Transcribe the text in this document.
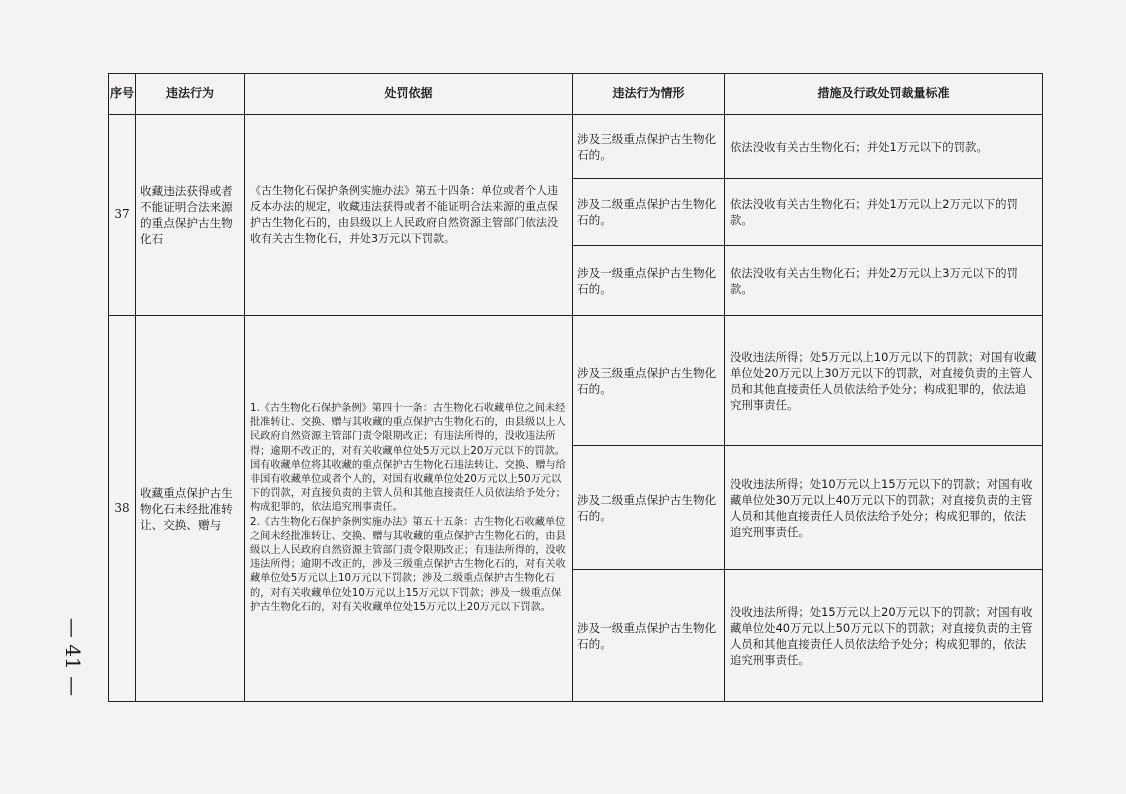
— 41 —
序号	违法行为	处罚依据	违法行为情形	措施及行政处罚裁量标准
37	收藏违法获得或者不能证明合法来源的重点保护古生物化石	《古生物化石保护条例实施办法》第五十四条：单位或者个人违反本办法的规定，收藏违法获得或者不能证明合法来源的重点保护古生物化石的，由县级以上人民政府自然资源主管部门依法没收有关古生物化石，并处3万元以下罚款。	涉及三级重点保护古生物化石的。	依法没收有关古生物化石；并处1万元以下的罚款。
			涉及二级重点保护古生物化石的。	依法没收有关古生物化石；并处1万元以上2万元以下的罚款。
			涉及一级重点保护古生物化石的。	依法没收有关古生物化石；并处2万元以上3万元以下的罚款。
38	收藏重点保护古生物化石未经批准转让、交换、赠与	1.《古生物化石保护条例》第四十一条：古生物化石收藏单位之间未经批准转让、交换、赠与其收藏的重点保护古生物化石的，由县级以上人民政府自然资源主管部门责令限期改正；有违法所得的，没收违法所得；逾期不改正的，对有关收藏单位处5万元以上20万元以下的罚款。国有收藏单位将其收藏的重点保护古生物化石违法转让、交换、赠与给非国有收藏单位或者个人的，对国有收藏单位处20万元以上50万元以下的罚款，对直接负责的主管人员和其他直接责任人员依法给予处分；构成犯罪的，依法追究刑事责任。
2.《古生物化石保护条例实施办法》第五十五条：古生物化石收藏单位之间未经批准转让、交换、赠与其收藏的重点保护古生物化石的，由县级以上人民政府自然资源主管部门责令限期改正；有违法所得的，没收违法所得；逾期不改正的，涉及三级重点保护古生物化石的，对有关收藏单位处5万元以上10万元以下罚款；涉及二级重点保护古生物化石的，对有关收藏单位处10万元以上15万元以下罚款；涉及一级重点保护古生物化石的，对有关收藏单位处15万元以上20万元以下罚款。	涉及三级重点保护古生物化石的。	没收违法所得；处5万元以上10万元以下的罚款；对国有收藏单位处20万元以上30万元以下的罚款，对直接负责的主管人员和其他直接责任人员依法给予处分；构成犯罪的，依法追究刑事责任。
			涉及二级重点保护古生物化石的。	没收违法所得；处10万元以上15万元以下的罚款；对国有收藏单位处30万元以上40万元以下的罚款；对直接负责的主管人员和其他直接责任人员依法给予处分；构成犯罪的，依法追究刑事责任。
			涉及一级重点保护古生物化石的。	没收违法所得；处15万元以上20万元以下的罚款；对国有收藏单位处40万元以上50万元以下的罚款；对直接负责的主管人员和其他直接责任人员依法给予处分；构成犯罪的，依法追究刑事责任。
